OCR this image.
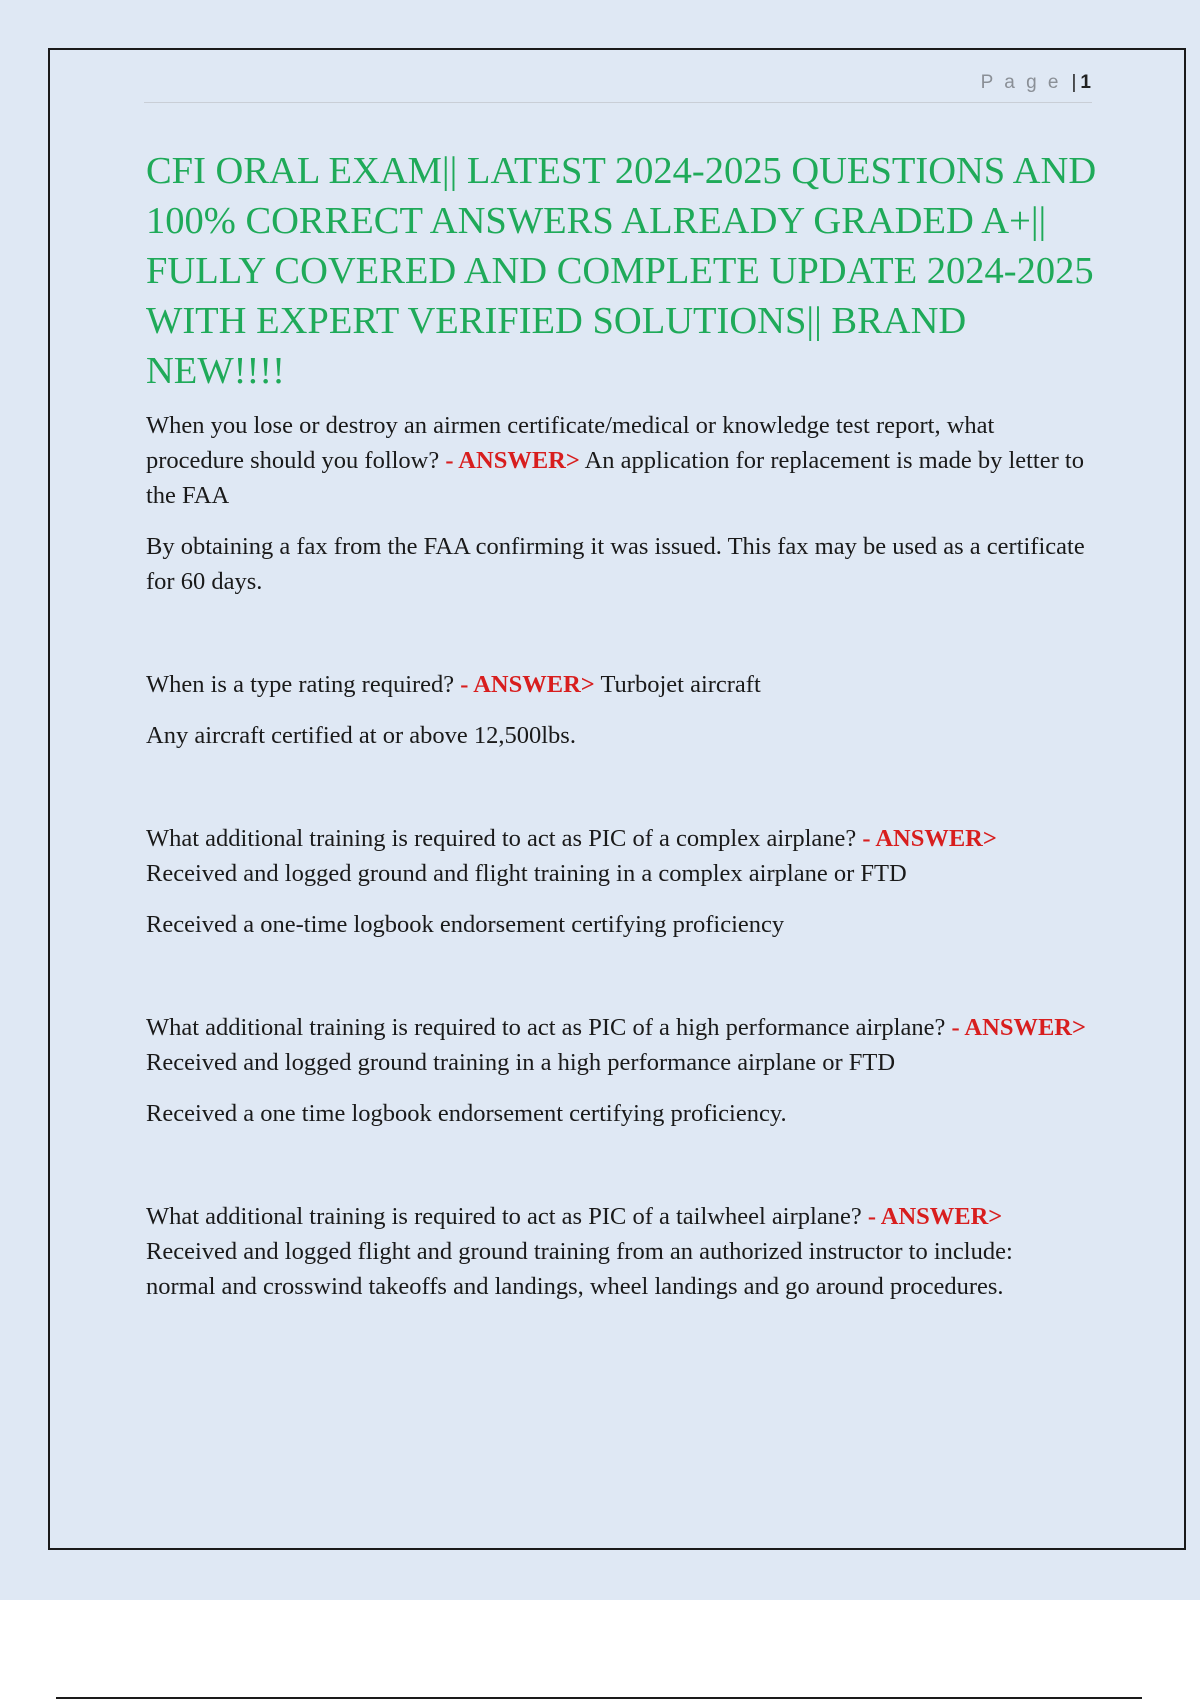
P a g e | 1
CFI ORAL EXAM|| LATEST 2024-2025 QUESTIONS AND 100% CORRECT ANSWERS ALREADY GRADED A+|| FULLY COVERED AND COMPLETE UPDATE 2024-2025 WITH EXPERT VERIFIED SOLUTIONS|| BRAND NEW!!!!

When you lose or destroy an airmen certificate/medical or knowledge test report, what procedure should you follow? - ANSWER> An application for replacement is made by letter to the FAA

By obtaining a fax from the FAA confirming it was issued. This fax may be used as a certificate for 60 days.

When is a type rating required? - ANSWER> Turbojet aircraft

Any aircraft certified at or above 12,500lbs.

What additional training is required to act as PIC of a complex airplane? - ANSWER> Received and logged ground and flight training in a complex airplane or FTD

Received a one-time logbook endorsement certifying proficiency

What additional training is required to act as PIC of a high performance airplane? - ANSWER> Received and logged ground training in a high performance airplane or FTD

Received a one time logbook endorsement certifying proficiency.

What additional training is required to act as PIC of a tailwheel airplane? - ANSWER> Received and logged flight and ground training from an authorized instructor to include: normal and crosswind takeoffs and landings, wheel landings and go around procedures.
